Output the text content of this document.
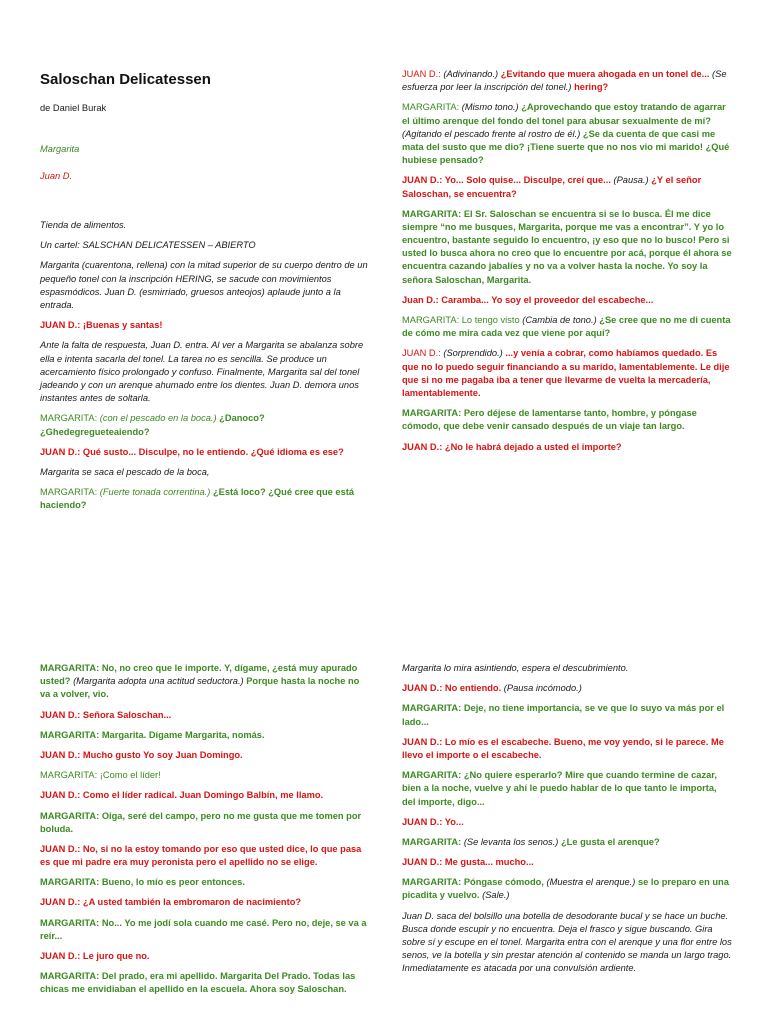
Saloschan Delicatessen
de Daniel Burak
Margarita
Juan D.

Tienda de alimentos.

Un cartel: SALSCHAN DELICATESSEN – ABIERTO

Margarita (cuarentona, rellena) con la mitad superior de su cuerpo dentro de un pequeño tonel con la inscripción HERING, se sacude con movimientos espasmódicos. Juan D. (esmirriado, gruesos anteojos) aplaude junto a la entrada.

JUAN D.: ¡Buenas y santas!

Ante la falta de respuesta, Juan D. entra. Al ver a Margarita se abalanza sobre ella e intenta sacarla del tonel. La tarea no es sencilla. Se produce un acercamiento físico prolongado y confuso. Finalmente, Margarita sal del tonel jadeando y con un arenque ahumado entre los dientes. Juan D. demora unos instantes antes de soltarla.

MARGARITA: (con el pescado en la boca.) ¿Danoco? ¿Ghedegregueteaiendo?

JUAN D.: Qué susto... Disculpe, no le entiendo. ¿Qué idioma es ese?

Margarita se saca el pescado de la boca,

MARGARITA: (Fuerte tonada correntina.) ¿Está loco? ¿Qué cree que está haciendo?

JUAN D.: (Adivinando.) ¿Evitando que muera ahogada en un tonel de... (Se esfuerza por leer la inscripción del tonel.) hering?

MARGARITA: (Mismo tono.) ¿Aprovechando que estoy tratando de agarrar el último arenque del fondo del tonel para abusar sexualmente de mí? (Agitando el pescado frente al rostro de él.) ¿Se da cuenta de que casi me mata del susto que me dio? ¡Tiene suerte que no nos vio mi marido! ¿Qué hubiese pensado?

JUAN D.: Yo... Solo quise... Disculpe, creí que... (Pausa.) ¿Y el señor Saloschan, se encuentra?

MARGARITA: El Sr. Saloschan se encuentra si se lo busca. Él me dice siempre “no me busques, Margarita, porque me vas a encontrar”. Y yo lo encuentro, bastante seguido lo encuentro, ¡y eso que no lo busco! Pero si usted lo busca ahora no creo que lo encuentre por acá, porque él ahora se encuentra cazando jabalíes y no va a volver hasta la noche. Yo soy la señora Saloschan, Margarita.

Juan D.: Caramba... Yo soy el proveedor del escabeche...

MARGARITA: Lo tengo visto (Cambia de tono.) ¿Se cree que no me di cuenta de cómo me mira cada vez que viene por aquí?

JUAN D.: (Sorprendido.) ...y venía a cobrar, como habíamos quedado. Es que no lo puedo seguir financiando a su marido, lamentablemente. Le dije que si no me pagaba iba a tener que llevarme de vuelta la mercadería, lamentablemente.

MARGARITA: Pero déjese de lamentarse tanto, hombre, y póngase cómodo, que debe venir cansado después de un viaje tan largo.

JUAN D.: ¿No le habrá dejado a usted el importe?

MARGARITA: No, no creo que le importe. Y, dígame, ¿está muy apurado usted? (Margarita adopta una actitud seductora.) Porque hasta la noche no va a volver, vio.

JUAN D.: Señora Saloschan...

MARGARITA: Margarita. Dígame Margarita, nomás.

JUAN D.: Mucho gusto Yo soy Juan Domingo.

MARGARITA: ¡Como el líder!

JUAN D.: Como el líder radical. Juan Domingo Balbín, me llamo.

MARGARITA: Oiga, seré del campo, pero no me gusta que me tomen por boluda.

JUAN D.: No, si no la estoy tomando por eso que usted dice, lo que pasa es que mi padre era muy peronista pero el apellido no se elige.

MARGARITA: Bueno, lo mío es peor entonces.

JUAN D.: ¿A usted también la embromaron de nacimiento?

MARGARITA: No... Yo me jodí sola cuando me casé. Pero no, deje, se va a reír...

JUAN D.: Le juro que no.

MARGARITA: Del prado, era mi apellido. Margarita Del Prado. Todas las chicas me envidiaban el apellido en la escuela. Ahora soy Saloschan.

Margarita lo mira asintiendo, espera el descubrimiento.

JUAN D.: No entiendo. (Pausa incómodo.)

MARGARITA: Deje, no tiene importancia, se ve que lo suyo va más por el lado...

JUAN D.: Lo mío es el escabeche. Bueno, me voy yendo, si le parece. Me llevo el importe o el escabeche.

MARGARITA: ¿No quiere esperarlo? Mire que cuando termine de cazar, bien a la noche, vuelve y ahí le puedo hablar de lo que tanto le importa, del importe, digo...

JUAN D.: Yo...

MARGARITA: (Se levanta los senos.) ¿Le gusta el arenque?

JUAN D.: Me gusta... mucho...

MARGARITA: Póngase cómodo, (Muestra el arenque.) se lo preparo en una picadita y vuelvo. (Sale.)

Juan D. saca del bolsillo una botella de desodorante bucal y se hace un buche. Busca donde escupir y no encuentra. Deja el frasco y sigue buscando. Gira sobre sí y escupe en el tonel. Margarita entra con el arenque y una flor entre los senos, ve la botella y sin prestar atención al contenido se manda un largo trago. Inmediatamente es atacada por una convulsión ardiente.
